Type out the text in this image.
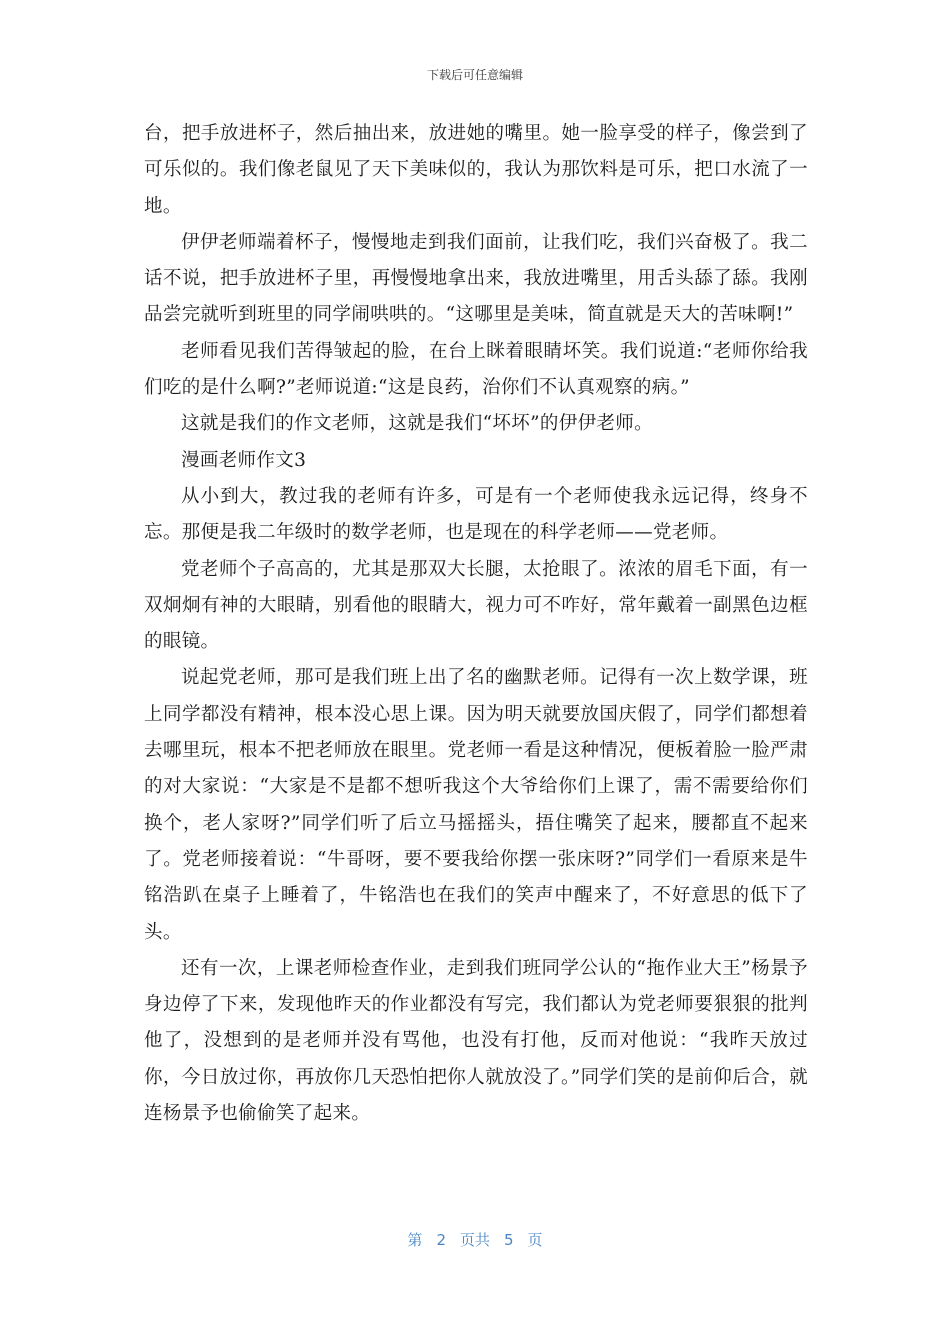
下载后可任意编辑

台，把手放进杯子，然后抽出来，放进她的嘴里。她一脸享受的样子，像尝到了可乐似的。我们像老鼠见了天下美味似的，我认为那饮料是可乐，把口水流了一地。

伊伊老师端着杯子，慢慢地走到我们面前，让我们吃，我们兴奋极了。我二话不说，把手放进杯子里，再慢慢地拿出来，我放进嘴里，用舌头舔了舔。我刚品尝完就听到班里的同学闹哄哄的。“这哪里是美味，简直就是天大的苦味啊!”

老师看见我们苦得皱起的脸，在台上眯着眼睛坏笑。我们说道:“老师你给我们吃的是什么啊?”老师说道:“这是良药，治你们不认真观察的病。”

这就是我们的作文老师，这就是我们“坏坏”的伊伊老师。

漫画老师作文3

从小到大，教过我的老师有许多，可是有一个老师使我永远记得，终身不忘。那便是我二年级时的数学老师，也是现在的科学老师——党老师。

党老师个子高高的，尤其是那双大长腿，太抢眼了。浓浓的眉毛下面，有一双炯炯有神的大眼睛，别看他的眼睛大，视力可不咋好，常年戴着一副黑色边框的眼镜。

说起党老师，那可是我们班上出了名的幽默老师。记得有一次上数学课，班上同学都没有精神，根本没心思上课。因为明天就要放国庆假了，同学们都想着去哪里玩，根本不把老师放在眼里。党老师一看是这种情况，便板着脸一脸严肃的对大家说：“大家是不是都不想听我这个大爷给你们上课了，需不需要给你们换个，老人家呀?”同学们听了后立马摇摇头，捂住嘴笑了起来，腰都直不起来了。党老师接着说：“牛哥呀，要不要我给你摆一张床呀?”同学们一看原来是牛铭浩趴在桌子上睡着了，牛铭浩也在我们的笑声中醒来了，不好意思的低下了头。

还有一次，上课老师检查作业，走到我们班同学公认的“拖作业大王”杨景予身边停了下来，发现他昨天的作业都没有写完，我们都认为党老师要狠狠的批判他了，没想到的是老师并没有骂他，也没有打他，反而对他说：“我昨天放过你，今日放过你，再放你几天恐怕把你人就放没了。”同学们笑的是前仰后合，就连杨景予也偷偷笑了起来。

第 2 页共 5 页
